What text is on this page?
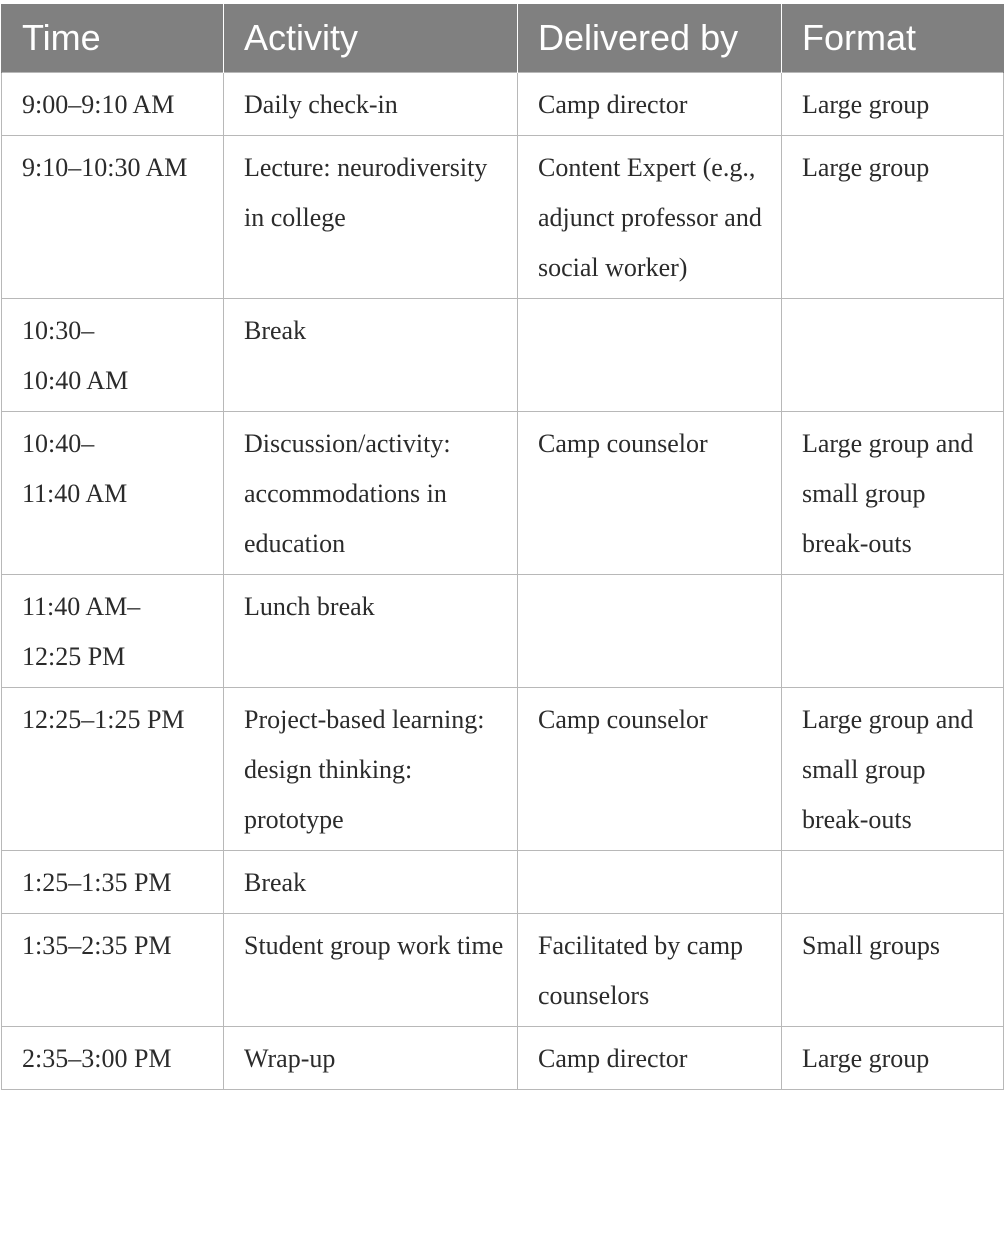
Time	Activity	Delivered by	Format
9:00–9:10 AM	Daily check-in	Camp director	Large group
9:10–10:30 AM	Lecture: neurodiversity in college	Content Expert (e.g., adjunct professor and social worker)	Large group
10:30–10:40 AM	Break		
10:40–11:40 AM	Discussion/activity: accommodations in education	Camp counselor	Large group and small group break-outs
11:40 AM–12:25 PM	Lunch break		
12:25–1:25 PM	Project-based learning: design thinking: prototype	Camp counselor	Large group and small group break-outs
1:25–1:35 PM	Break		
1:35–2:35 PM	Student group work time	Facilitated by camp counselors	Small groups
2:35–3:00 PM	Wrap-up	Camp director	Large group
